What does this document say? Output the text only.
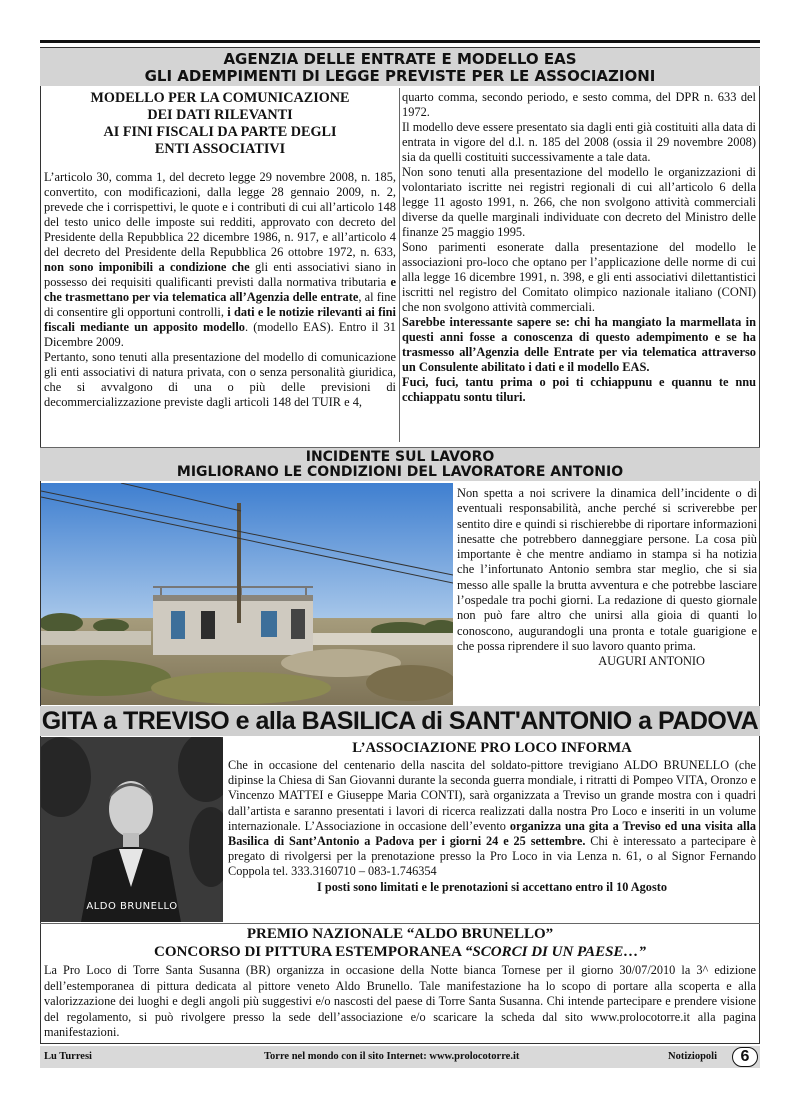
AGENZIA DELLE ENTRATE E MODELLO EAS
GLI ADEMPIMENTI DI LEGGE PREVISTE PER LE ASSOCIAZIONI
MODELLO PER LA COMUNICAZIONE
DEI DATI RILEVANTI
AI FINI FISCALI DA PARTE DEGLI
ENTI ASSOCIATIVI

L’articolo 30, comma 1, del decreto legge 29 novembre 2008, n. 185, convertito, con modificazioni, dalla legge 28 gennaio 2009, n. 2, prevede che i corrispettivi, le quote e i contributi di cui all’articolo 148 del testo unico delle imposte sui redditi, approvato con decreto del Presidente della Repubblica 22 dicembre 1986, n. 917, e all’articolo 4 del decreto del Presidente della Repubblica 26 ottobre 1972, n. 633, non sono imponibili a condizione che gli enti associativi siano in possesso dei requisiti qualificanti previsti dalla normativa tributaria e che trasmettano per via telematica all’Agenzia delle entrate, al fine di consentire gli opportuni controlli, i dati e le notizie rilevanti ai fini fiscali mediante un apposito modello. (modello EAS). Entro il 31 Dicembre 2009.

Pertanto, sono tenuti alla presentazione del modello di comunicazione gli enti associativi di natura privata, con o senza personalità giuridica, che si avvalgono di una o più delle previsioni di decommercializzazione previste dagli articoli 148 del TUIR e 4,

quarto comma, secondo periodo, e sesto comma, del DPR n. 633 del 1972.

Il modello deve essere presentato sia dagli enti già costituiti alla data di entrata in vigore del d.l. n. 185 del 2008 (ossia il 29 novembre 2008) sia da quelli costituiti successivamente a tale data.

Non sono tenuti alla presentazione del modello le organizzazioni di volontariato iscritte nei registri regionali di cui all’articolo 6 della legge 11 agosto 1991, n. 266, che non svolgono attività commerciali diverse da quelle marginali individuate con decreto del Ministro delle finanze 25 maggio 1995.

Sono parimenti esonerate dalla presentazione del modello le associazioni pro-loco che optano per l’applicazione delle norme di cui alla legge 16 dicembre 1991, n. 398, e gli enti associativi dilettantistici iscritti nel registro del Comitato olimpico nazionale italiano (CONI) che non svolgono attività commerciali.

Sarebbe interessante sapere se: chi ha mangiato la marmellata in questi anni fosse a conoscenza di questo adempimento e se ha trasmesso all’Agenzia delle Entrate per via telematica attraverso un Consulente abilitato i dati e il modello EAS.

Fuci, fuci, tantu prima o poi ti cchiappunu e quannu te nnu cchiappatu sontu tiluri.

INCIDENTE SUL LAVORO
MIGLIORANO LE CONDIZIONI DEL LAVORATORE ANTONIO

Non spetta a noi scrivere la dinamica dell’incidente o di eventuali responsabilità, anche perché si scriverebbe per sentito dire e quindi si rischierebbe di riportare informazioni inesatte che potrebbero danneggiare persone. La cosa più importante è che mentre andiamo in stampa si ha notizia che l’infortunato Antonio sembra star meglio, che si sia messo alle spalle la brutta avventura e che potrebbe lasciare l’ospedale tra pochi giorni. La redazione di questo giornale non può fare altro che unirsi alla gioia di quanti lo conoscono, augurandogli una pronta e totale guarigione e che possa riprendere il suo lavoro quanto prima.

AUGURI ANTONIO

GITA a TREVISO e alla BASILICA di SANT'ANTONIO a PADOVA
ALDO BRUNELLO
L’ASSOCIAZIONE PRO LOCO INFORMA

Che in occasione del centenario della nascita del soldato-pittore trevigiano ALDO BRUNELLO (che dipinse la Chiesa di San Giovanni durante la seconda guerra mondiale, i ritratti di Pompeo VITA, Oronzo e Vincenzo MATTEI e Giuseppe Maria CONTI), sarà organizzata a Treviso un grande mostra con i quadri dall’artista e saranno presentati i lavori di ricerca realizzati dalla nostra Pro Loco e inseriti in un volume internazionale. L’Associazione in occasione dell’evento organizza una gita a Treviso ed una visita alla Basilica di Sant’Antonio a Padova per i giorni 24 e 25 settembre. Chi è interessato a partecipare è pregato di rivolgersi per la prenotazione presso la Pro Loco in via Lenza n. 61, o al Signor Fernando Coppola tel. 333.3160710 – 083-1.746354

I posti sono limitati e le prenotazioni si accettano entro il 10 Agosto

PREMIO NAZIONALE “ALDO BRUNELLO”
CONCORSO DI PITTURA ESTEMPORANEA “SCORCI DI UN PAESE…”

La Pro Loco di Torre Santa Susanna (BR) organizza in occasione della Notte bianca Tornese per il giorno 30/07/2010 la 3^ edizione dell’estemporanea di pittura dedicata al pittore veneto Aldo Brunello. Tale manifestazione ha lo scopo di portare alla scoperta e alla valorizzazione dei luoghi e degli angoli più suggestivi e/o nascosti del paese di Torre Santa Susanna. Chi intende partecipare e prendere visione del regolamento, si può rivolgere presso la sede dell’associazione e/o scaricare la scheda dal sito www.prolocotorre.it alla pagina manifestazioni.

Lu Turresi	Torre nel mondo con il sito Internet: www.prolocotorre.it	Notiziopoli	6
